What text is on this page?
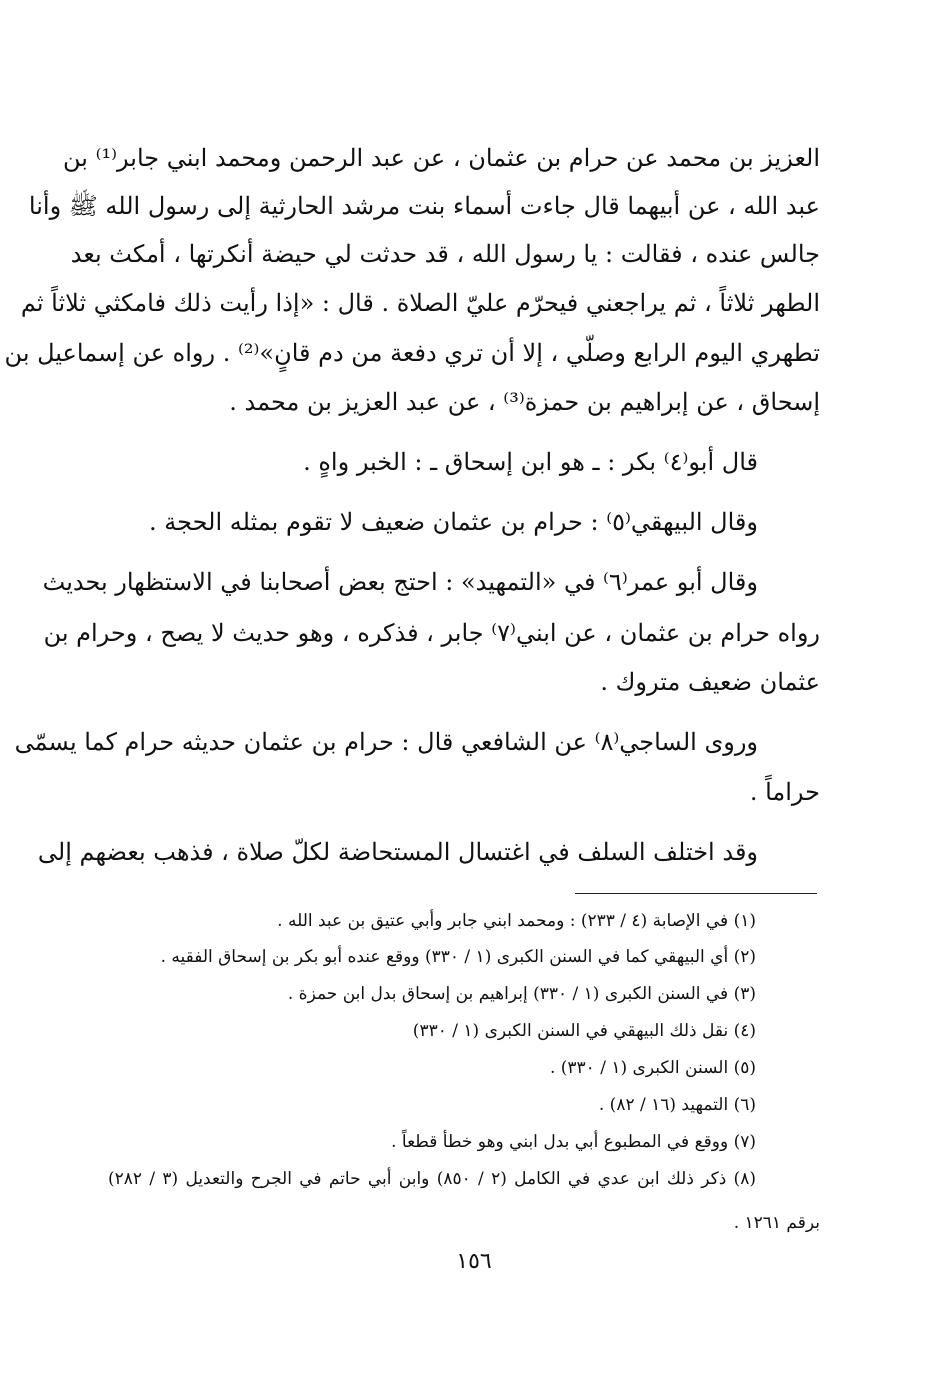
العزيز بن محمد عن حرام بن عثمان ، عن عبد الرحمن ومحمد ابني جابر⁽¹⁾ بن
عبد الله ، عن أبيهما قال جاءت أسماء بنت مرشد الحارثية إلى رسول الله ﷺ وأنا
جالس عنده ، فقالت : يا رسول الله ، قد حدثت لي حيضة أنكرتها ، أمكث بعد
الطهر ثلاثاً ، ثم يراجعني فيحرّم عليّ الصلاة . قال : «إذا رأيت ذلك فامكثي ثلاثاً ثم
تطهري اليوم الرابع وصلّي ، إلا أن تري دفعة من دم قانٍ»⁽²⁾ . رواه عن إسماعيل بن
إسحاق ، عن إبراهيم بن حمزة⁽³⁾ ، عن عبد العزيز بن محمد .
قال أبو⁽٤⁾ بكر : ـ هو ابن إسحاق ـ : الخبر واهٍ .
وقال البيهقي⁽٥⁾ : حرام بن عثمان ضعيف لا تقوم بمثله الحجة .
وقال أبو عمر⁽٦⁾ في «التمهيد» : احتج بعض أصحابنا في الاستظهار بحديث
رواه حرام بن عثمان ، عن ابني⁽٧⁾ جابر ، فذكره ، وهو حديث لا يصح ، وحرام بن
عثمان ضعيف متروك .
وروى الساجي⁽٨⁾ عن الشافعي قال : حرام بن عثمان حديثه حرام كما يسمّى
حراماً .
وقد اختلف السلف في اغتسال المستحاضة لكلّ صلاة ، فذهب بعضهم إلى
(١) في الإصابة (٤ / ٢٣٣) : ومحمد ابني جابر وأبي عتيق بن عبد الله .
(٢) أي البيهقي كما في السنن الكبرى (١ / ٣٣٠) ووقع عنده أبو بكر بن إسحاق الفقيه .
(٣) في السنن الكبرى (١ / ٣٣٠) إبراهيم بن إسحاق بدل ابن حمزة .
(٤) نقل ذلك البيهقي في السنن الكبرى (١ / ٣٣٠)
(٥) السنن الكبرى (١ / ٣٣٠) .
(٦) التمهيد (١٦ / ٨٢) .
(٧) ووقع في المطبوع أبي بدل ابني وهو خطأ قطعاً .
(٨) ذكر ذلك ابن عدي في الكامل (٢ / ٨٥٠) وابن أبي حاتم في الجرح والتعديل (٣ / ٢٨٢)
برقم ١٢٦١ .
١٥٦
